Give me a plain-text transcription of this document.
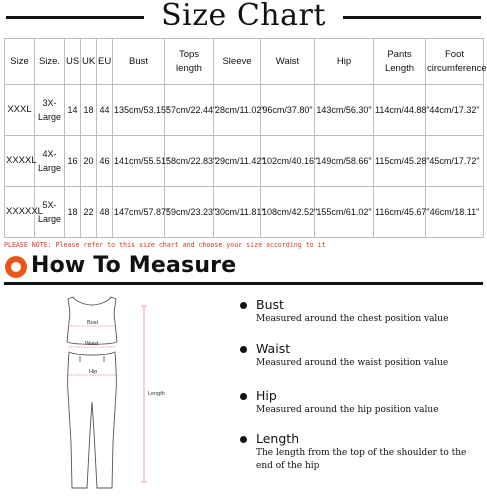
Size Chart
Size	Size.	US	UK	EU	Bust	Tops length	Sleeve	Waist	Hip	Pants Length	Foot circumference
XXXL	3X-Large	14	18	44	135cm/53.15"	57cm/22.44"	28cm/11.02"	96cm/37.80"	143cm/56.30"	114cm/44.88"	44cm/17.32"
XXXXL	4X-Large	16	20	46	141cm/55.51"	58cm/22.83"	29cm/11.42"	102cm/40.16"	149cm/58.66"	115cm/45.28"	45cm/17.72"
XXXXXL	5X-Large	18	22	48	147cm/57.87"	59cm/23.23"	30cm/11.81"	108cm/42.52"	155cm/61.02"	116cm/45.67"	46cm/18.11"
PLEASE NOTE: Please refer to this size chart and choose your size according to it
How To Measure
Bust
Waist
Hip
Length
Bust
Measured around the chest position value
Waist
Measured around the waist position value
Hip
Measured around the hip position value
Length
The length from the top of the shoulder to the end of the hip
